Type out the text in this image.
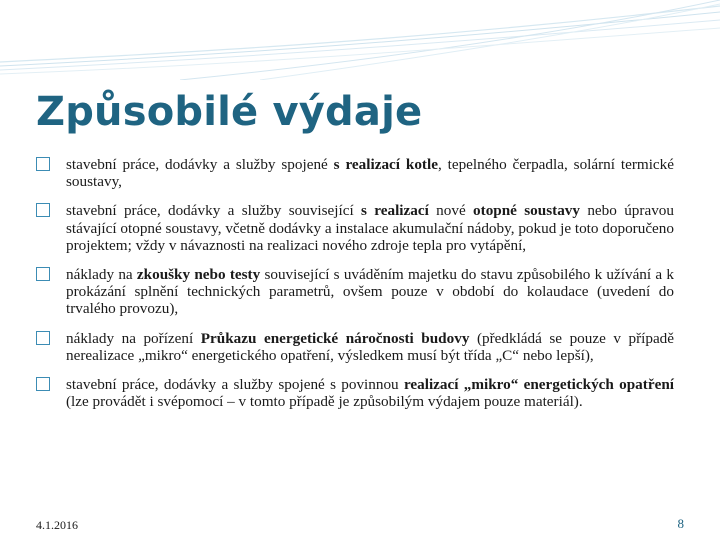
Způsobilé výdaje

stavební práce, dodávky a služby spojené s realizací kotle, tepelného čerpadla, solární termické soustavy,

stavební práce, dodávky a služby související s realizací nové otopné soustavy nebo úpravou stávající otopné soustavy, včetně dodávky a instalace akumulační nádoby, pokud je toto doporučeno projektem; vždy v návaznosti na realizaci nového zdroje tepla pro vytápění,

náklady na zkoušky nebo testy související s uváděním majetku do stavu způsobilého k užívání a k prokázání splnění technických parametrů, ovšem pouze v období do kolaudace (uvedení do trvalého provozu),

náklady na pořízení Průkazu energetické náročnosti budovy (předkládá se pouze v případě nerealizace „mikro“ energetického opatření, výsledkem musí být třída „C“ nebo lepší),

stavební práce, dodávky a služby spojené s povinnou realizací „mikro“ energetických opatření (lze provádět i svépomocí – v tomto případě je způsobilým výdajem pouze materiál).

4.1.2016	8
